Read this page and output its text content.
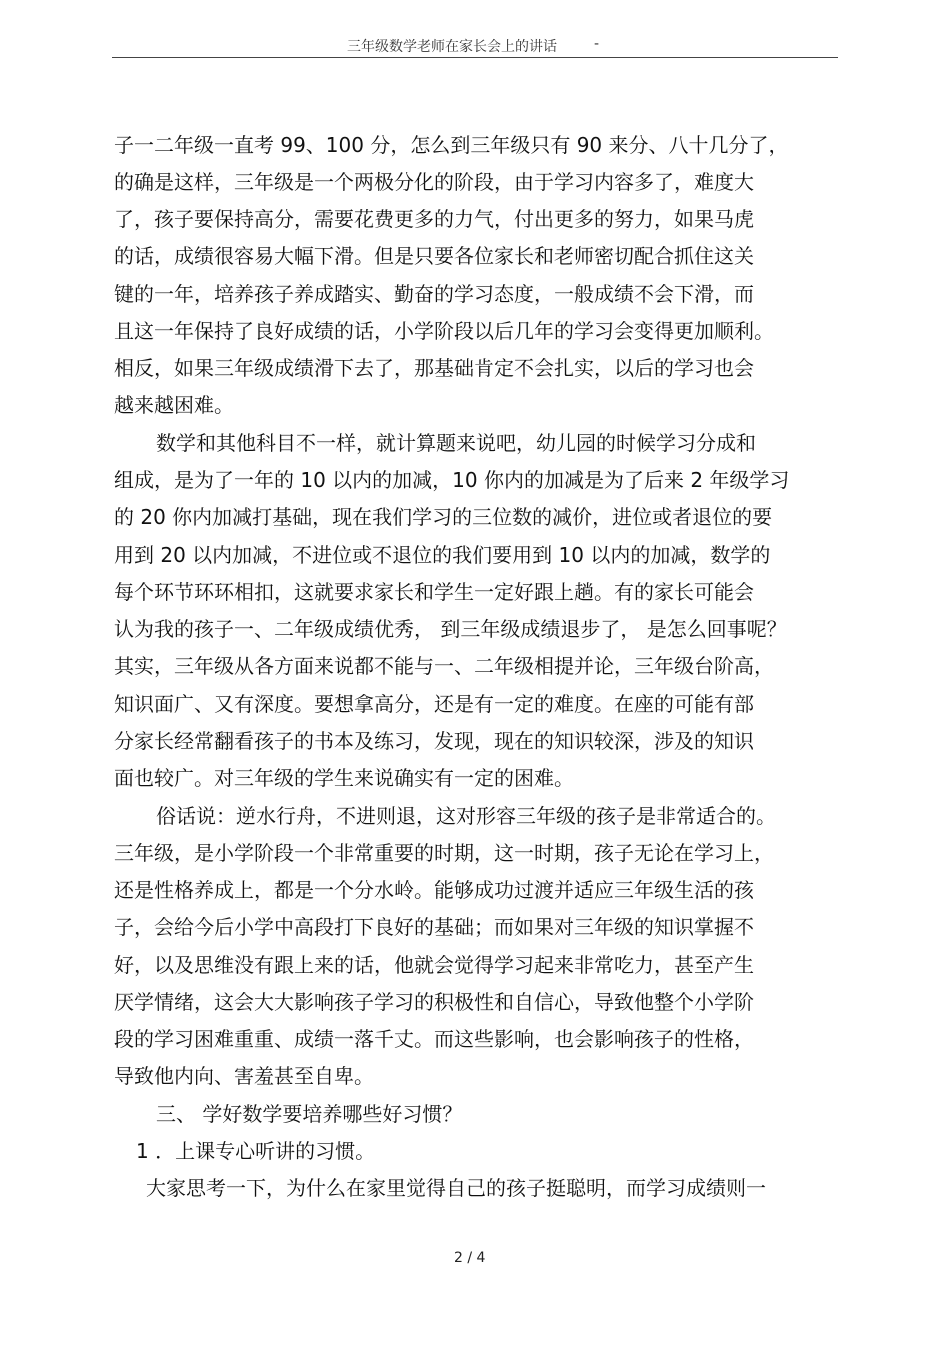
三年级数学老师在家长会上的讲话	-
子一二年级一直考 99、100 分，怎么到三年级只有 90 来分、八十几分了，
的确是这样，三年级是一个两极分化的阶段，由于学习内容多了，难度大
了，孩子要保持高分，需要花费更多的力气，付出更多的努力，如果马虎
的话，成绩很容易大幅下滑。但是只要各位家长和老师密切配合抓住这关
键的一年，培养孩子养成踏实、勤奋的学习态度，一般成绩不会下滑，而
且这一年保持了良好成绩的话，小学阶段以后几年的学习会变得更加顺利。
相反，如果三年级成绩滑下去了，那基础肯定不会扎实，以后的学习也会
越来越困难。
数学和其他科目不一样，就计算题来说吧，幼儿园的时候学习分成和
组成，是为了一年的 10 以内的加减，10 你内的加减是为了后来 2 年级学习
的 20 你内加减打基础，现在我们学习的三位数的减价，进位或者退位的要
用到 20 以内加减，不进位或不退位的我们要用到 10 以内的加减，数学的
每个环节环环相扣，这就要求家长和学生一定好跟上趟。有的家长可能会
认为我的孩子一、二年级成绩优秀， 到三年级成绩退步了， 是怎么回事呢？
其实，三年级从各方面来说都不能与一、二年级相提并论，三年级台阶高，
知识面广、又有深度。要想拿高分，还是有一定的难度。在座的可能有部
分家长经常翻看孩子的书本及练习，发现，现在的知识较深，涉及的知识
面也较广。对三年级的学生来说确实有一定的困难。
俗话说：逆水行舟，不进则退，这对形容三年级的孩子是非常适合的。
三年级，是小学阶段一个非常重要的时期，这一时期，孩子无论在学习上，
还是性格养成上，都是一个分水岭。能够成功过渡并适应三年级生活的孩
子，会给今后小学中高段打下良好的基础；而如果对三年级的知识掌握不
好，以及思维没有跟上来的话，他就会觉得学习起来非常吃力，甚至产生
厌学情绪，这会大大影响孩子学习的积极性和自信心，导致他整个小学阶
段的学习困难重重、成绩一落千丈。而这些影响，也会影响孩子的性格，
导致他内向、害羞甚至自卑。
三、 学好数学要培养哪些好习惯？
1 ．上课专心听讲的习惯。
大家思考一下，为什么在家里觉得自己的孩子挺聪明，而学习成绩则一
2 / 4
